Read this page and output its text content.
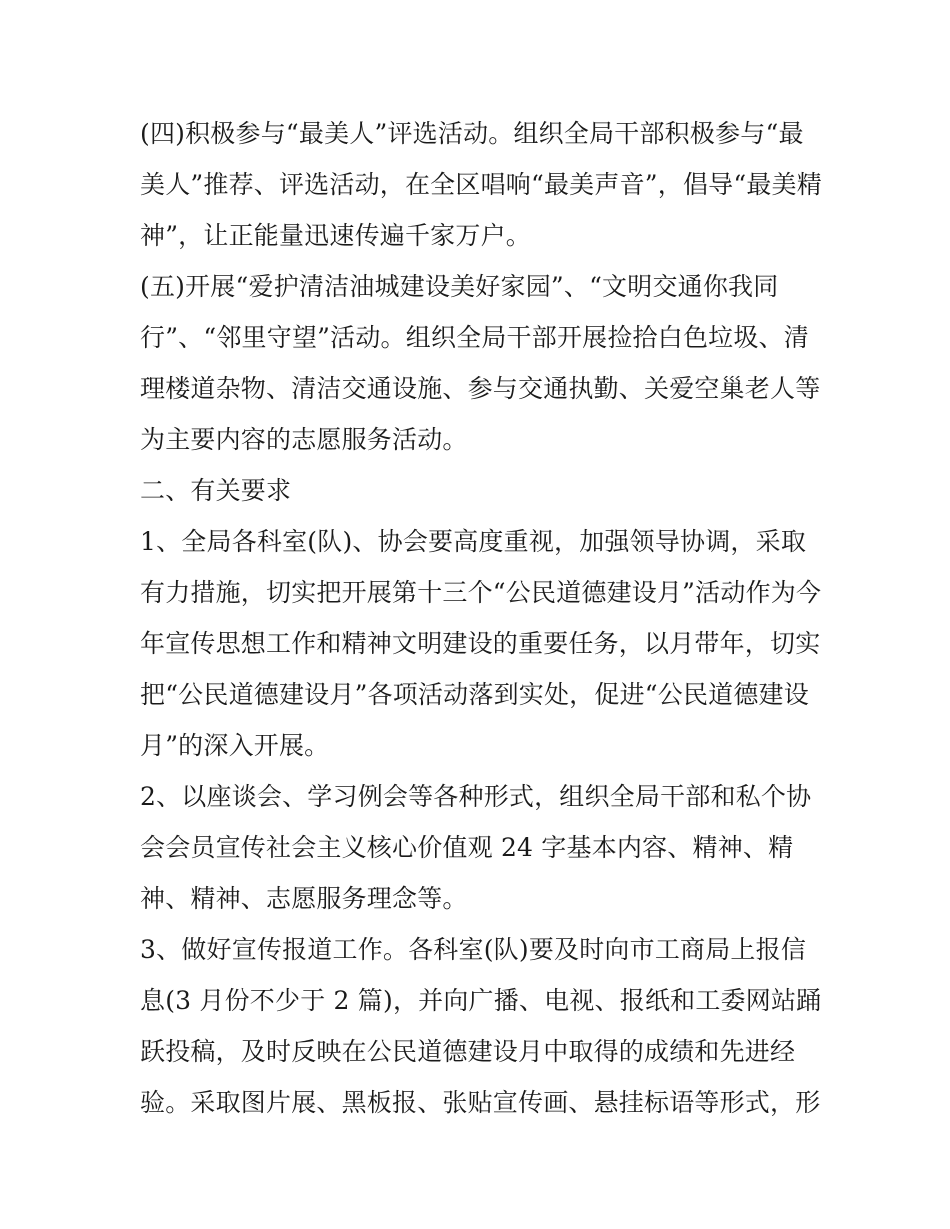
(四)积极参与“最美人”评选活动。组织全局干部积极参与“最
美人”推荐、评选活动，在全区唱响“最美声音”，倡导“最美精
神”，让正能量迅速传遍千家万户。
(五)开展“爱护清洁油城建设美好家园”、“文明交通你我同
行”、“邻里守望”活动。组织全局干部开展捡拾白色垃圾、清
理楼道杂物、清洁交通设施、参与交通执勤、关爱空巢老人等
为主要内容的志愿服务活动。
二、有关要求
1、全局各科室(队)、协会要高度重视，加强领导协调，采取
有力措施，切实把开展第十三个“公民道德建设月”活动作为今
年宣传思想工作和精神文明建设的重要任务，以月带年，切实
把“公民道德建设月”各项活动落到实处，促进“公民道德建设
月”的深入开展。
2、以座谈会、学习例会等各种形式，组织全局干部和私个协
会会员宣传社会主义核心价值观 24 字基本内容、精神、精
神、精神、志愿服务理念等。
3、做好宣传报道工作。各科室(队)要及时向市工商局上报信
息(3 月份不少于 2 篇)，并向广播、电视、报纸和工委网站踊
跃投稿，及时反映在公民道德建设月中取得的成绩和先进经
验。采取图片展、黑板报、张贴宣传画、悬挂标语等形式，形
